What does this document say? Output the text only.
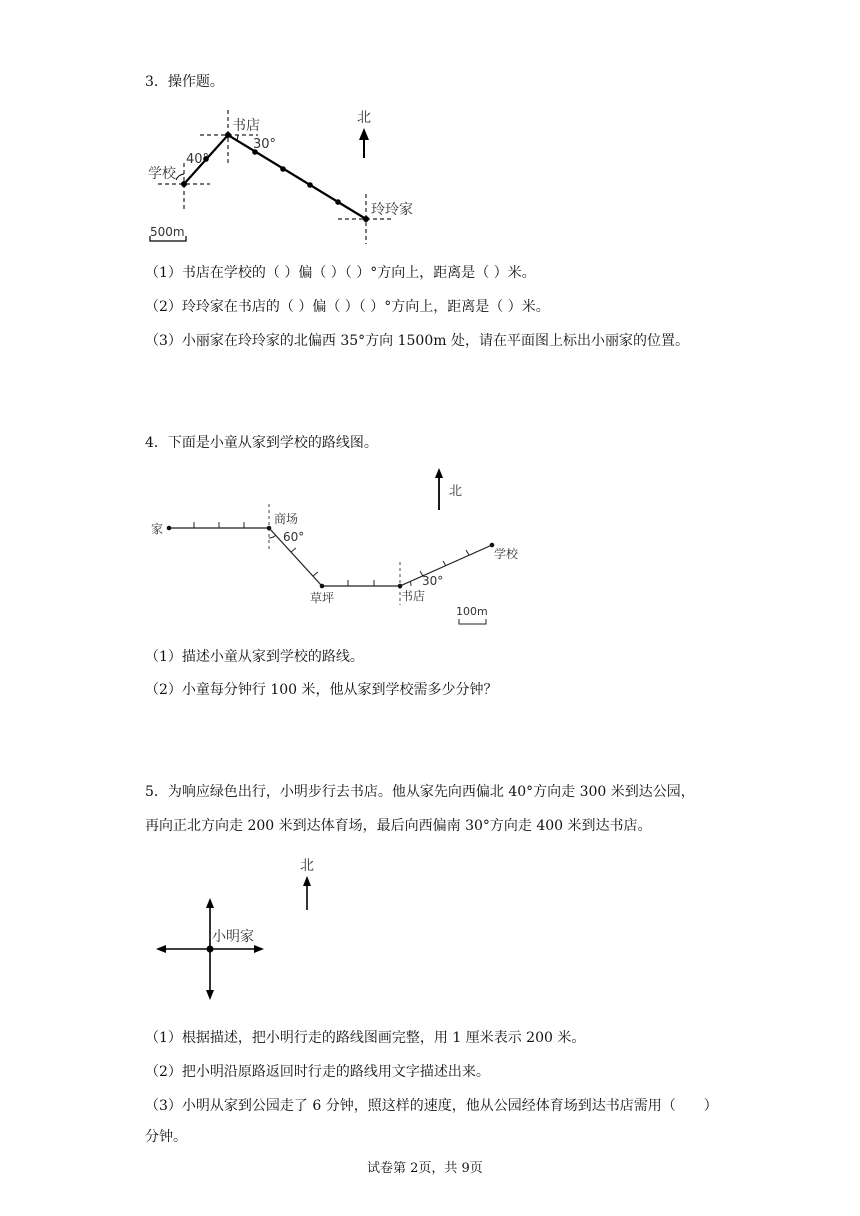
3．操作题。
书店
学校
玲玲家
40°
30°
北
500m
（1）书店在学校的（ ）偏（ ）（ ）°方向上，距离是（ ）米。
（2）玲玲家在书店的（ ）偏（ ）（ ）°方向上，距离是（ ）米。
（3）小丽家在玲玲家的北偏西 35°方向 1500m 处，请在平面图上标出小丽家的位置。
4．下面是小童从家到学校的路线图。
北
家
商场
60°
草坪	书店
30°
学校
100m
（1）描述小童从家到学校的路线。
（2）小童每分钟行 100 米，他从家到学校需多少分钟？
5．为响应绿色出行，小明步行去书店。他从家先向西偏北 40°方向走 300 米到达公园，
再向正北方向走 200 米到达体育场，最后向西偏南 30°方向走 400 米到达书店。
北
小明家
（1）根据描述，把小明行走的路线图画完整，用 1 厘米表示 200 米。
（2）把小明沿原路返回时行走的路线用文字描述出来。
（3）小明从家到公园走了 6 分钟，照这样的速度，他从公园经体育场到达书店需用（　　）
分钟。
试卷第 2页，共 9页
